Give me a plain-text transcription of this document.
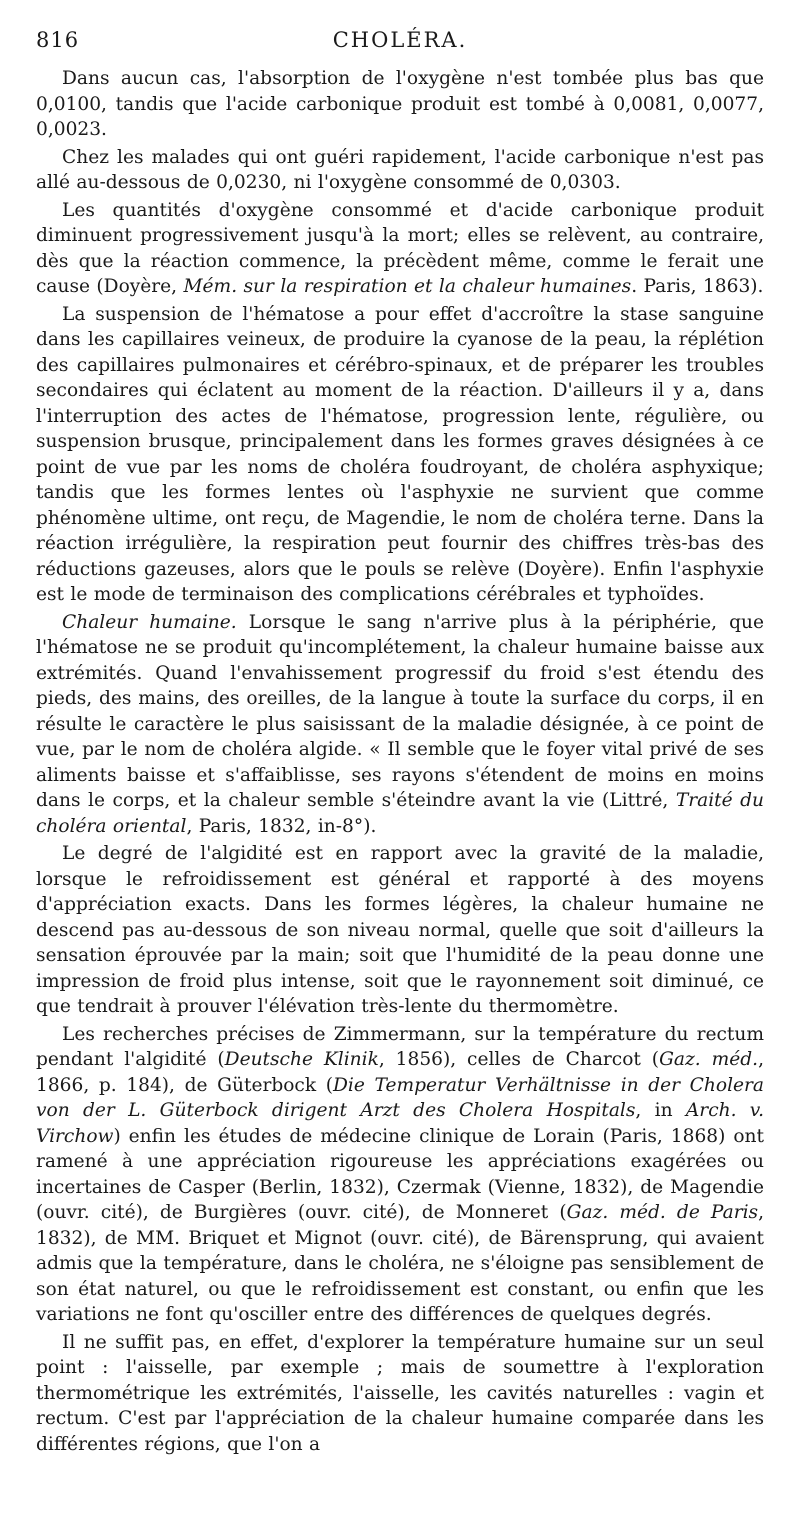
816	CHOLÉRA.

Dans aucun cas, l'absorption de l'oxygène n'est tombée plus bas que 0,0100, tandis que l'acide carbonique produit est tombé à 0,0081, 0,0077, 0,0023.

Chez les malades qui ont guéri rapidement, l'acide carbonique n'est pas allé au-dessous de 0,0230, ni l'oxygène consommé de 0,0303.

Les quantités d'oxygène consommé et d'acide carbonique produit diminuent progressivement jusqu'à la mort; elles se relèvent, au contraire, dès que la réaction commence, la précèdent même, comme le ferait une cause (Doyère, Mém. sur la respiration et la chaleur humaines. Paris, 1863).

La suspension de l'hématose a pour effet d'accroître la stase sanguine dans les capillaires veineux, de produire la cyanose de la peau, la réplétion des capillaires pulmonaires et cérébro-spinaux, et de préparer les troubles secondaires qui éclatent au moment de la réaction. D'ailleurs il y a, dans l'interruption des actes de l'hématose, progression lente, régulière, ou suspension brusque, principalement dans les formes graves désignées à ce point de vue par les noms de choléra foudroyant, de choléra asphyxique; tandis que les formes lentes où l'asphyxie ne survient que comme phénomène ultime, ont reçu, de Magendie, le nom de choléra terne. Dans la réaction irrégulière, la respiration peut fournir des chiffres très-bas des réductions gazeuses, alors que le pouls se relève (Doyère). Enfin l'asphyxie est le mode de terminaison des complications cérébrales et typhoïdes.

Chaleur humaine. Lorsque le sang n'arrive plus à la périphérie, que l'hématose ne se produit qu'incomplétement, la chaleur humaine baisse aux extrémités. Quand l'envahissement progressif du froid s'est étendu des pieds, des mains, des oreilles, de la langue à toute la surface du corps, il en résulte le caractère le plus saisissant de la maladie désignée, à ce point de vue, par le nom de choléra algide. « Il semble que le foyer vital privé de ses aliments baisse et s'affaiblisse, ses rayons s'étendent de moins en moins dans le corps, et la chaleur semble s'éteindre avant la vie (Littré, Traité du choléra oriental, Paris, 1832, in-8°).

Le degré de l'algidité est en rapport avec la gravité de la maladie, lorsque le refroidissement est général et rapporté à des moyens d'appréciation exacts. Dans les formes légères, la chaleur humaine ne descend pas au-dessous de son niveau normal, quelle que soit d'ailleurs la sensation éprouvée par la main; soit que l'humidité de la peau donne une impression de froid plus intense, soit que le rayonnement soit diminué, ce que tendrait à prouver l'élévation très-lente du thermomètre.

Les recherches précises de Zimmermann, sur la température du rectum pendant l'algidité (Deutsche Klinik, 1856), celles de Charcot (Gaz. méd., 1866, p. 184), de Güterbock (Die Temperatur Verhältnisse in der Cholera von der L. Güterbock dirigent Arzt des Cholera Hospitals, in Arch. v. Virchow) enfin les études de médecine clinique de Lorain (Paris, 1868) ont ramené à une appréciation rigoureuse les appréciations exagérées ou incertaines de Casper (Berlin, 1832), Czermak (Vienne, 1832), de Magendie (ouvr. cité), de Burgières (ouvr. cité), de Monneret (Gaz. méd. de Paris, 1832), de MM. Briquet et Mignot (ouvr. cité), de Bärensprung, qui avaient admis que la température, dans le choléra, ne s'éloigne pas sensiblement de son état naturel, ou que le refroidissement est constant, ou enfin que les variations ne font qu'osciller entre des différences de quelques degrés.

Il ne suffit pas, en effet, d'explorer la température humaine sur un seul point : l'aisselle, par exemple ; mais de soumettre à l'exploration thermométrique les extrémités, l'aisselle, les cavités naturelles : vagin et rectum. C'est par l'appréciation de la chaleur humaine comparée dans les différentes régions, que l'on a
